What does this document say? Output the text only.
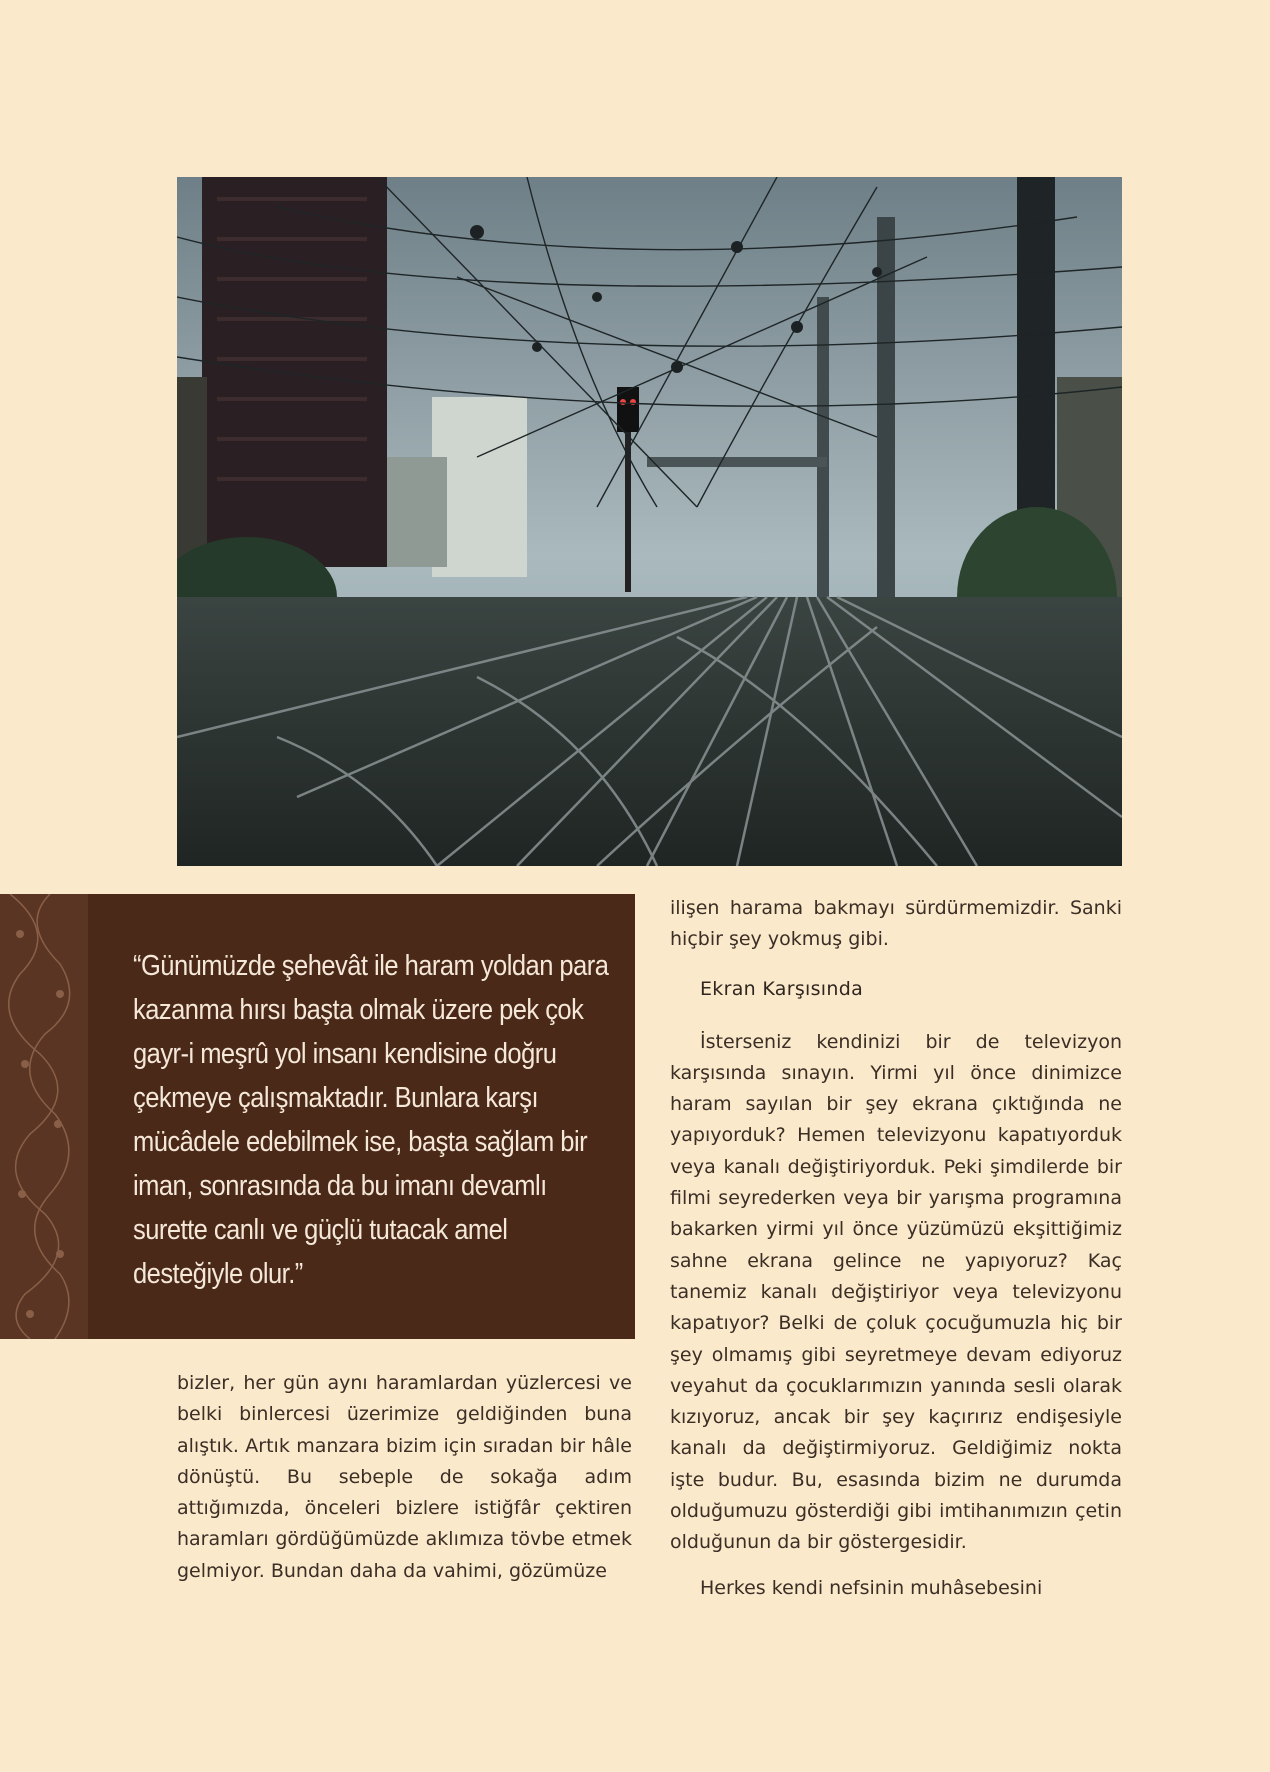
“Günümüzde şehevât ile haram yoldan para kazanma hırsı başta olmak üzere pek çok gayr-i meşrû yol insanı kendisine doğru çekmeye çalışmaktadır. Bunlara karşı mücâdele edebilmek ise, başta sağlam bir iman, sonrasında da bu imanı devamlı surette canlı ve güçlü tutacak amel desteğiyle olur.”

bizler, her gün aynı haramlardan yüzlercesi ve belki binlercesi üzerimize geldiğinden buna alıştık. Artık manzara bizim için sıradan bir hâle dönüştü. Bu sebeple de sokağa adım attığımızda, önceleri bizlere istiğfâr çektiren haramları gördüğümüzde aklımıza tövbe etmek gelmiyor. Bundan daha da vahimi, gözümüze

ilişen harama bakmayı sürdürmemizdir. Sanki hiçbir şey yokmuş gibi.

Ekran Karşısında

İsterseniz kendinizi bir de televizyon karşısında sınayın. Yirmi yıl önce dinimizce haram sayılan bir şey ekrana çıktığında ne yapıyorduk? Hemen televizyonu kapatıyorduk veya kanalı değiştiriyorduk. Peki şimdilerde bir filmi seyrederken veya bir yarışma programına bakarken yirmi yıl önce yüzümüzü ekşittiğimiz sahne ekrana gelince ne yapıyoruz? Kaç tanemiz kanalı değiştiriyor veya televizyonu kapatıyor? Belki de çoluk çocuğumuzla hiç bir şey olmamış gibi seyretmeye devam ediyoruz veyahut da çocuklarımızın yanında sesli olarak kızıyoruz, ancak bir şey kaçırırız endişesiyle kanalı da değiştirmiyoruz. Geldiğimiz nokta işte budur. Bu, esasında bizim ne durumda olduğumuzu gösterdiği gibi imtihanımızın çetin olduğunun da bir göstergesidir.

Herkes kendi nefsinin muhâsebesini
